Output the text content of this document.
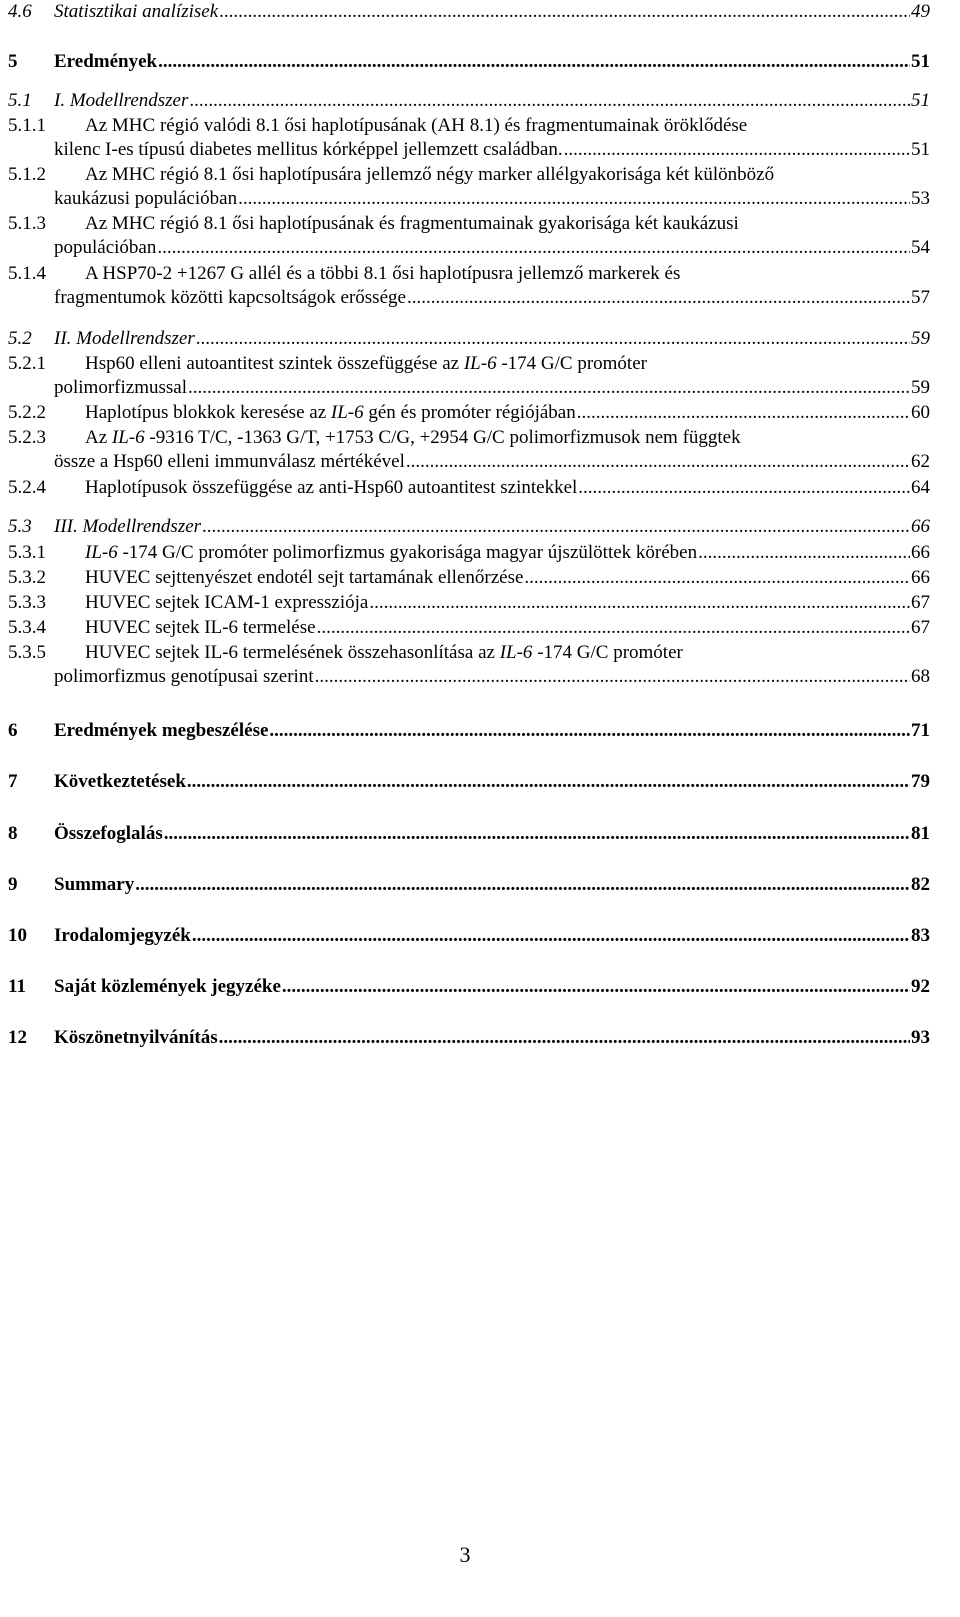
4.6	Statisztikai analízisek .....	49
5	Eredmények .....	51
5.1	I. Modellrendszer .....	51
5.1.1	Az MHC régió valódi 8.1 ősi haplotípusának (AH 8.1) és fragmentumainak öröklődése
kilenc I-es típusú diabetes mellitus kórképpel jellemzett családban. .....	51
5.1.2	Az MHC régió 8.1 ősi haplotípusára jellemző négy marker allélgyakorisága két különböző
kaukázusi populációban .....	53
5.1.3	Az MHC régió 8.1 ősi haplotípusának és fragmentumainak gyakorisága két kaukázusi
populációban .....	54
5.1.4	A HSP70-2 +1267 G allél és a többi 8.1 ősi haplotípusra jellemző markerek és
fragmentumok közötti kapcsoltságok erőssége .....	57
5.2	II. Modellrendszer .....	59
5.2.1	Hsp60 elleni autoantitest szintek összefüggése az IL-6 -174 G/C promóter
polimorfizmussal .....	59
5.2.2	Haplotípus blokkok keresése az IL-6 gén és promóter régiójában .....	60
5.2.3	Az IL-6 -9316 T/C, -1363 G/T, +1753 C/G, +2954 G/C polimorfizmusok nem függtek
össze a Hsp60 elleni immunválasz mértékével .....	62
5.2.4	Haplotípusok összefüggése az anti-Hsp60 autoantitest szintekkel .....	64
5.3	III. Modellrendszer .....	66
5.3.1	IL-6 -174 G/C promóter polimorfizmus gyakorisága magyar újszülöttek körében .....	66
5.3.2	HUVEC sejttenyészet endotél sejt tartamának ellenőrzése .....	66
5.3.3	HUVEC sejtek ICAM-1 expressziója .....	67
5.3.4	HUVEC sejtek IL-6 termelése .....	67
5.3.5	HUVEC sejtek IL-6 termelésének összehasonlítása az IL-6 -174 G/C promóter
polimorfizmus genotípusai szerint .....	68
6	Eredmények megbeszélése .....	71
7	Következtetések .....	79
8	Összefoglalás .....	81
9	Summary .....	82
10	Irodalomjegyzék .....	83
11	Saját közlemények jegyzéke .....	92
12	Köszönetnyilvánítás .....	93
3
